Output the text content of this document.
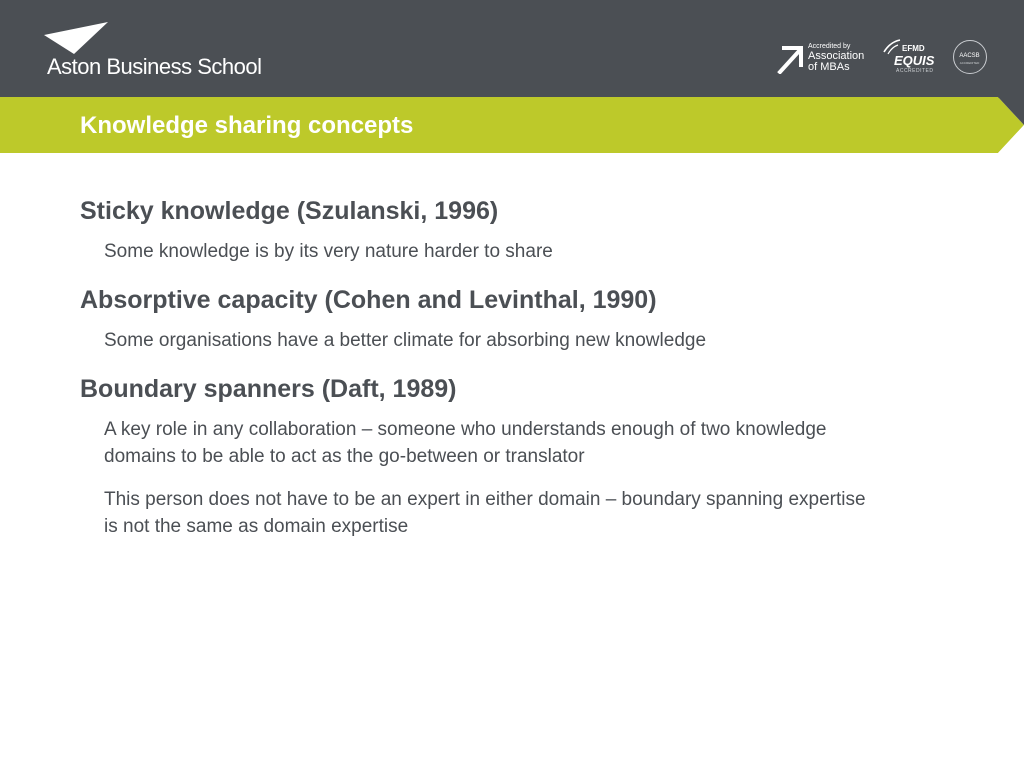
Aston Business School
Accredited by
Association
of MBAs
EFMD
EQUIS
ACCREDITED
AACSB
ACCREDITED
Knowledge sharing concepts

Sticky knowledge (Szulanski, 1996)

Some knowledge is by its very nature harder to share

Absorptive capacity (Cohen and Levinthal, 1990)

Some organisations have a better climate for absorbing new knowledge

Boundary spanners (Daft, 1989)

A key role in any collaboration – someone who understands enough of two knowledge domains to be able to act as the go-between or translator

This person does not have to be an expert in either domain – boundary spanning expertise is not the same as domain expertise
